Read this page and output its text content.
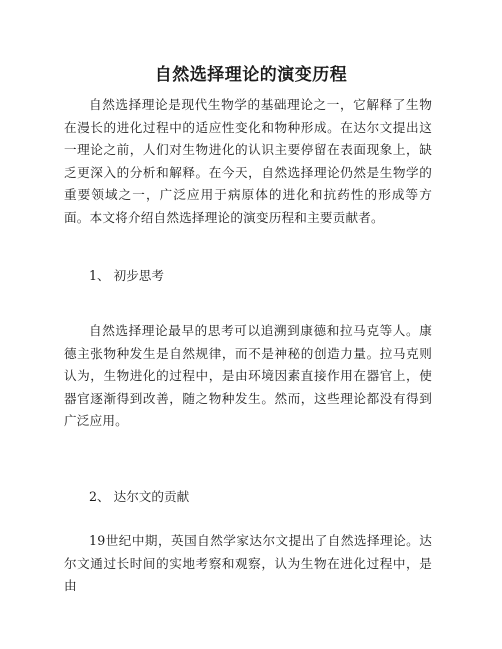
自然选择理论的演变历程

自然选择理论是现代生物学的基础理论之一，它解释了生物在漫长的进化过程中的适应性变化和物种形成。在达尔文提出这一理论之前，人们对生物进化的认识主要停留在表面现象上，缺乏更深入的分析和解释。在今天，自然选择理论仍然是生物学的重要领域之一，广泛应用于病原体的进化和抗药性的形成等方面。本文将介绍自然选择理论的演变历程和主要贡献者。

1、 初步思考

自然选择理论最早的思考可以追溯到康德和拉马克等人。康德主张物种发生是自然规律，而不是神秘的创造力量。拉马克则认为，生物进化的过程中，是由环境因素直接作用在器官上，使器官逐渐得到改善，随之物种发生。然而，这些理论都没有得到广泛应用。

2、 达尔文的贡献

19世纪中期，英国自然学家达尔文提出了自然选择理论。达尔文通过长时间的实地考察和观察，认为生物在进化过程中，是由
